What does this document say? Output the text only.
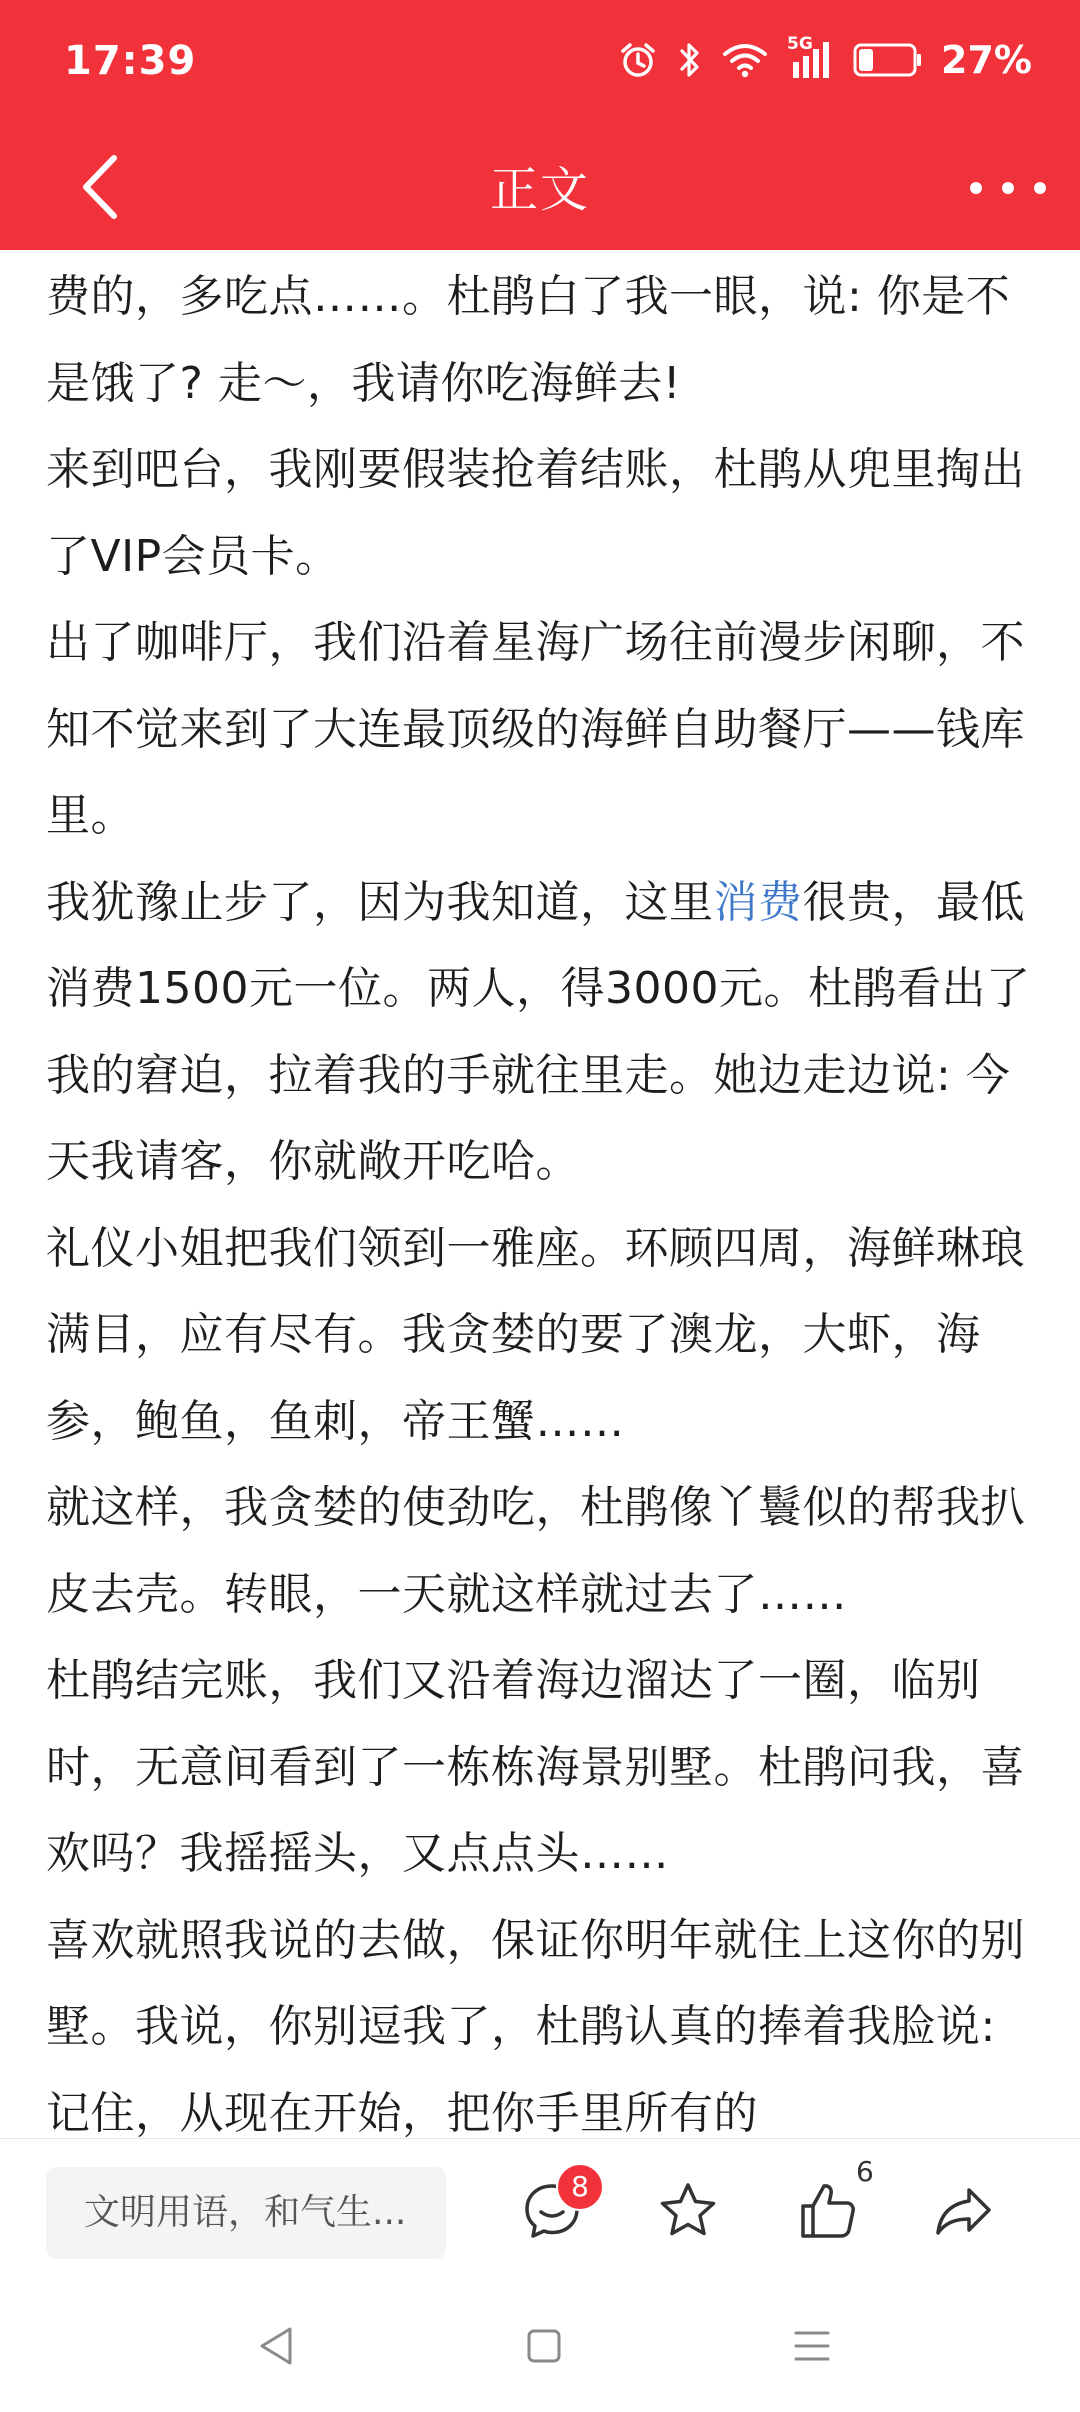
17:39	5G	27%
正文
费的，多吃点……。杜鹃白了我一眼，说: 你是不是饿了? 走～，我请你吃海鲜去!
来到吧台，我刚要假装抢着结账，杜鹃从兜里掏出了VIP会员卡。
出了咖啡厅，我们沿着星海广场往前漫步闲聊，不知不觉来到了大连最顶级的海鲜自助餐厅——钱库里。
我犹豫止步了，因为我知道，这里消费很贵，最低消费1500元一位。两人，得3000元。杜鹃看出了我的窘迫，拉着我的手就往里走。她边走边说: 今天我请客，你就敞开吃哈。
礼仪小姐把我们领到一雅座。环顾四周，海鲜琳琅满目，应有尽有。我贪婪的要了澳龙，大虾，海参，鲍鱼，鱼刺，帝王蟹……
就这样，我贪婪的使劲吃，杜鹃像丫鬟似的帮我扒皮去壳。转眼，一天就这样就过去了……
杜鹃结完账，我们又沿着海边溜达了一圈，临别时，无意间看到了一栋栋海景别墅。杜鹃问我，喜欢吗？我摇摇头，又点点头……
喜欢就照我说的去做，保证你明年就住上这你的别墅。我说，你别逗我了，杜鹃认真的捧着我脸说: 记住，从现在开始，把你手里所有的
文明用语，和气生...
8	6
